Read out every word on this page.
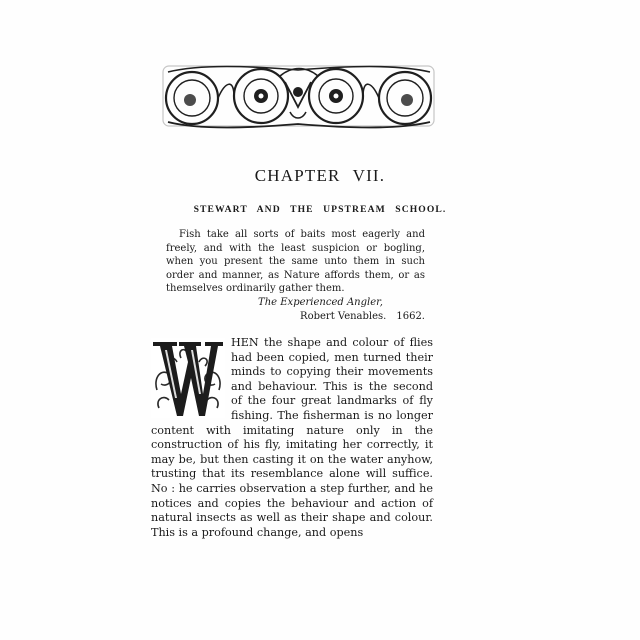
CHAPTER VII.
STEWART AND THE UPSTREAM SCHOOL.

Fish take all sorts of baits most eagerly and freely, and with the least suspicion or bogling, when you present the same unto them in such order and manner, as Nature affords them, or as themselves ordinarily gather them.

The Experienced Angler,

Robert Venables. 1662.

HEN the shape and colour of flies had been copied, men turned their minds to copying their movements and behaviour. This is the second of the four great landmarks of fly fishing. The fisherman is no longer content with imitating nature only in the construction of his fly, imitating her correctly, it may be, but then casting it on the water anyhow, trusting that its resemblance alone will suffice. No : he carries observation a step further, and he notices and copies the behaviour and action of natural insects as well as their shape and colour. This is a profound change, and opens
